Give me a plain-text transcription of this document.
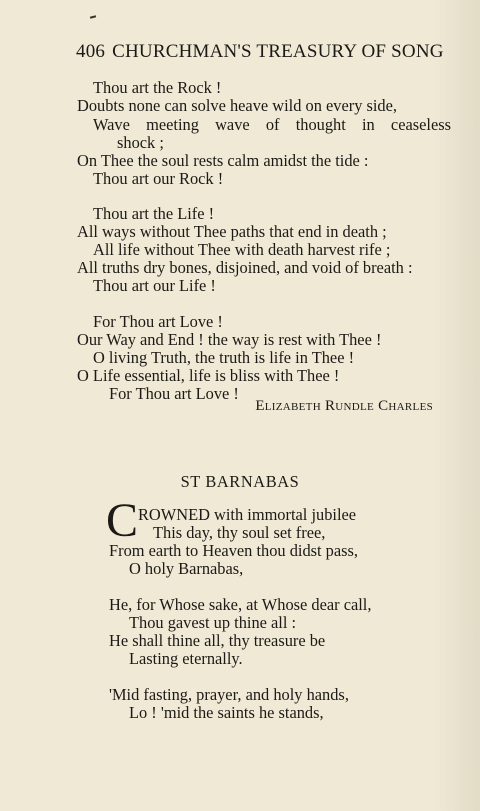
406 CHURCHMAN'S TREASURY OF SONG
Thou art the Rock !
Doubts none can solve heave wild on every side,
Wave meeting wave of thought in ceaseless
shock ;
On Thee the soul rests calm amidst the tide :
Thou art our Rock !
Thou art the Life !
All ways without Thee paths that end in death ;
All life without Thee with death harvest rife ;
All truths dry bones, disjoined, and void of breath :
Thou art our Life !
For Thou art Love !
Our Way and End ! the way is rest with Thee !
O living Truth, the truth is life in Thee !
O Life essential, life is bliss with Thee !
For Thou art Love !
Elizabeth Rundle Charles
ST BARNABAS
C ROWNED with immortal jubilee
This day, thy soul set free,
From earth to Heaven thou didst pass,
O holy Barnabas,
He, for Whose sake, at Whose dear call,
Thou gavest up thine all :
He shall thine all, thy treasure be
Lasting eternally.
'Mid fasting, prayer, and holy hands,
Lo ! 'mid the saints he stands,
